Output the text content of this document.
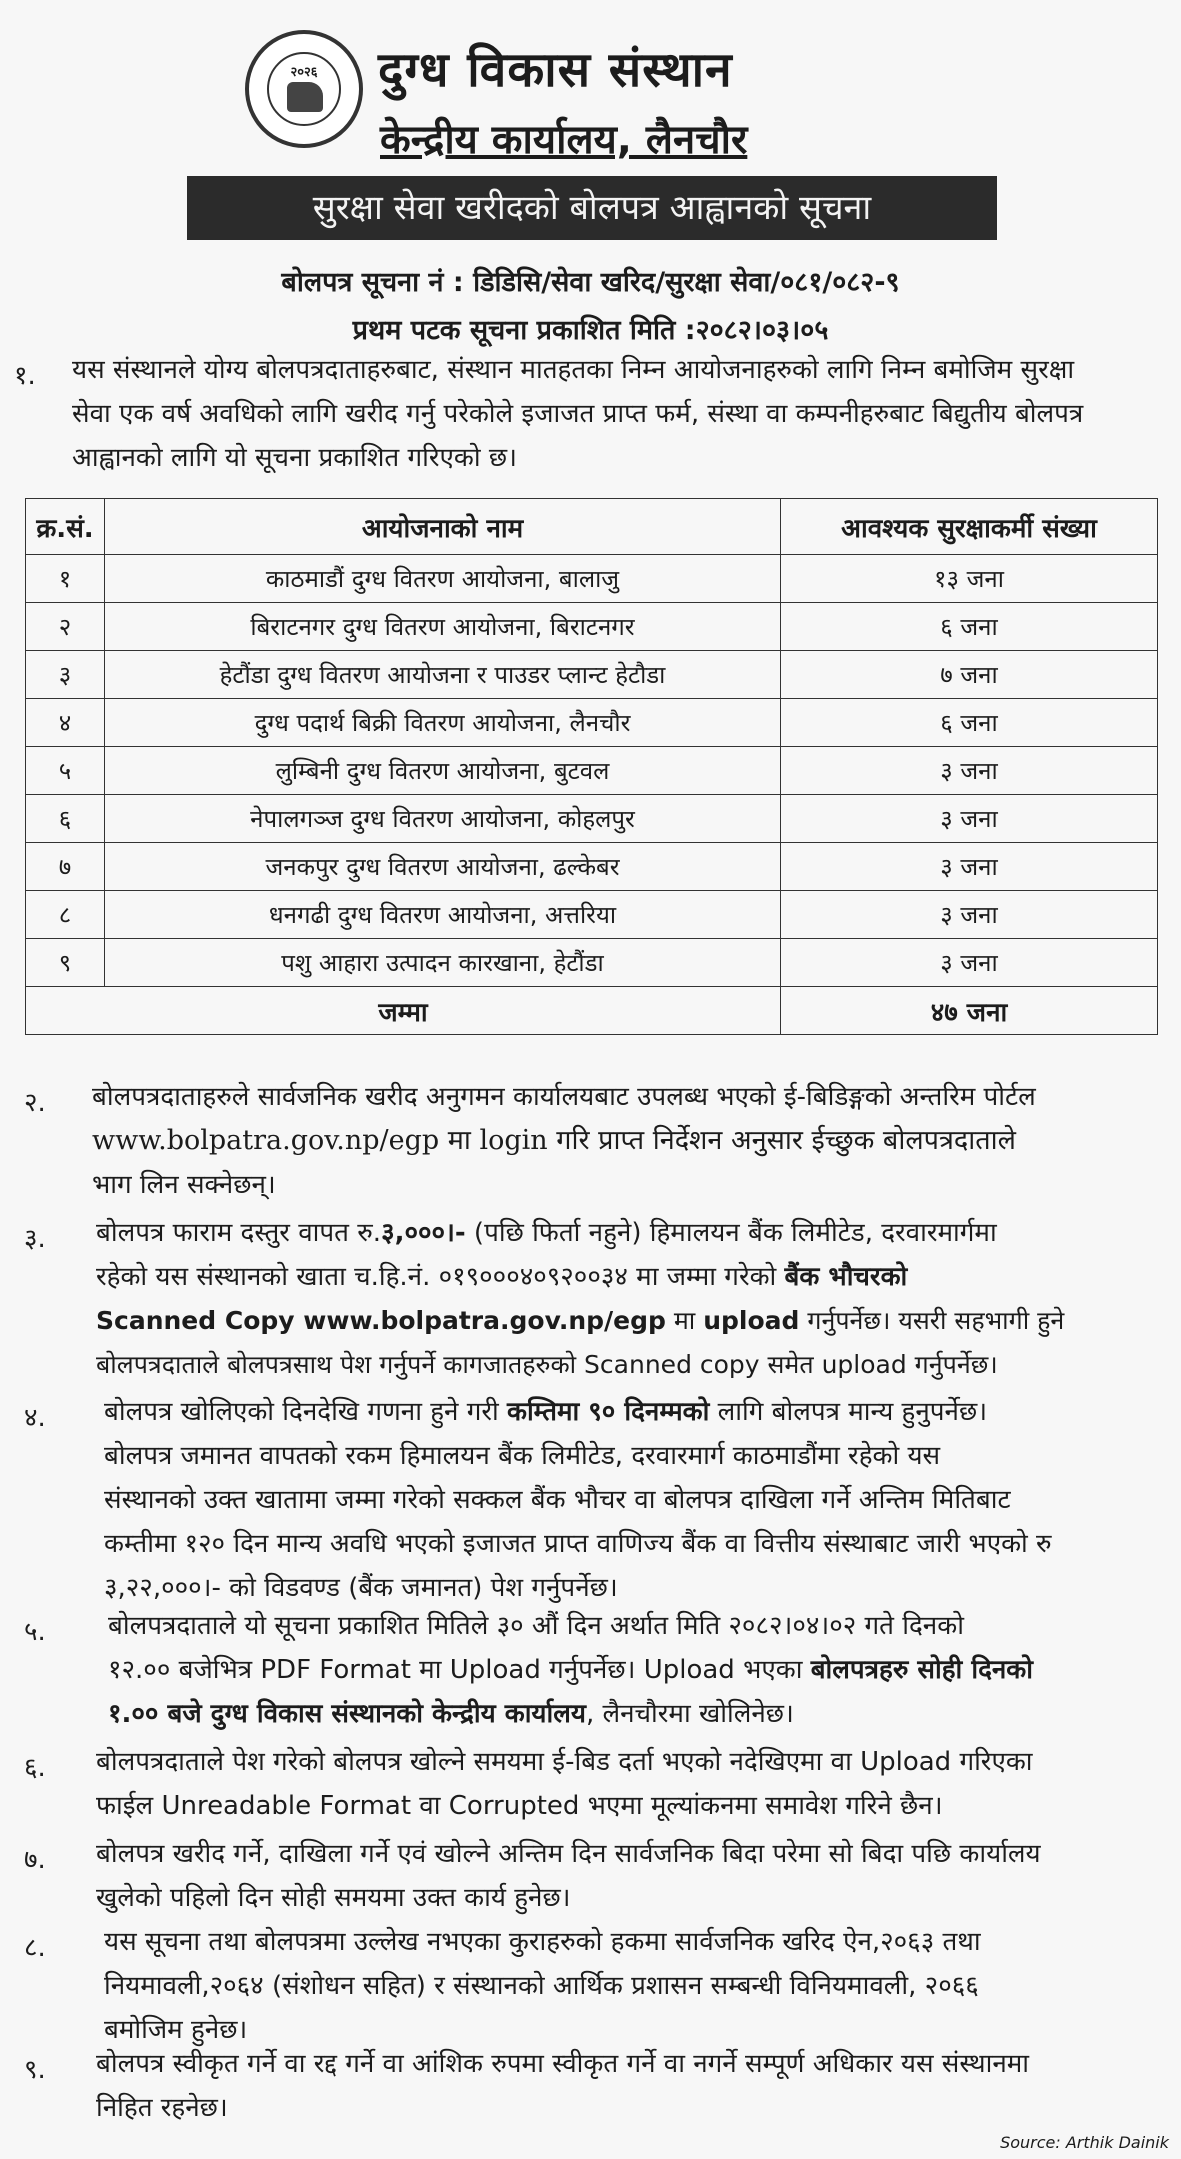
२०२६	दुग्ध विकास संस्थान
केन्द्रीय कार्यालय, लैनचौर
सुरक्षा सेवा खरीदको बोलपत्र आह्वानको सूचना
बोलपत्र सूचना नं : डिडिसि/सेवा खरिद/सुरक्षा सेवा/०८१/०८२-९
प्रथम पटक सूचना प्रकाशित मिति :२०८२।०३।०५
१. यस संस्थानले योग्य बोलपत्रदाताहरुबाट, संस्थान मातहतका निम्न आयोजनाहरुको लागि निम्न बमोजिम सुरक्षा
सेवा एक वर्ष अवधिको लागि खरीद गर्नु परेकोले इजाजत प्राप्त फर्म, संस्था वा कम्पनीहरुबाट बिद्युतीय बोलपत्र
आह्वानको लागि यो सूचना प्रकाशित गरिएको छ।
क्र.सं.	आयोजनाको नाम	आवश्यक सुरक्षाकर्मी संख्या
१	काठमाडौं दुग्ध वितरण आयोजना, बालाजु	१३ जना
२	बिराटनगर दुग्ध वितरण आयोजना, बिराटनगर	६ जना
३	हेटौंडा दुग्ध वितरण आयोजना र पाउडर प्लान्ट हेटौडा	७ जना
४	दुग्ध पदार्थ बिक्री वितरण आयोजना, लैनचौर	६ जना
५	लुम्बिनी दुग्ध वितरण आयोजना, बुटवल	३ जना
६	नेपालगञ्ज दुग्ध वितरण आयोजना, कोहलपुर	३ जना
७	जनकपुर दुग्ध वितरण आयोजना, ढल्केबर	३ जना
८	धनगढी दुग्ध वितरण आयोजना, अत्तरिया	३ जना
९	पशु आहारा उत्पादन कारखाना, हेटौंडा	३ जना
जम्मा		४७ जना
२. बोलपत्रदाताहरुले सार्वजनिक खरीद अनुगमन कार्यालयबाट उपलब्ध भएको ई-बिडिङ्गको अन्तरिम पोर्टल
www.bolpatra.gov.np/egp मा login गरि प्राप्त निर्देशन अनुसार ईच्छुक बोलपत्रदाताले
भाग लिन सक्नेछन्।
३. बोलपत्र फाराम दस्तुर वापत रु.३,०००।- (पछि फिर्ता नहुने) हिमालयन बैंक लिमीटेड, दरवारमार्गमा
रहेको यस संस्थानको खाता च.हि.नं. ०१९०००४०९२००३४ मा जम्मा गरेको बैंक भौचरको
Scanned Copy www.bolpatra.gov.np/egp मा upload गर्नुपर्नेछ। यसरी सहभागी हुने
बोलपत्रदाताले बोलपत्रसाथ पेश गर्नुपर्ने कागजातहरुको Scanned copy समेत upload गर्नुपर्नेछ।
४. बोलपत्र खोलिएको दिनदेखि गणना हुने गरी कम्तिमा ९० दिनम्मको लागि बोलपत्र मान्य हुनुपर्नेछ।
बोलपत्र जमानत वापतको रकम हिमालयन बैंक लिमीटेड, दरवारमार्ग काठमाडौंमा रहेको यस
संस्थानको उक्त खातामा जम्मा गरेको सक्कल बैंक भौचर वा बोलपत्र दाखिला गर्ने अन्तिम मितिबाट
कम्तीमा १२० दिन मान्य अवधि भएको इजाजत प्राप्त वाणिज्य बैंक वा वित्तीय संस्थाबाट जारी भएको रु
३,२२,०००।- को विडवण्ड (बैंक जमानत) पेश गर्नुपर्नेछ।
५. बोलपत्रदाताले यो सूचना प्रकाशित मितिले ३० औं दिन अर्थात मिति २०८२।०४।०२ गते दिनको
१२.०० बजेभित्र PDF Format मा Upload गर्नुपर्नेछ। Upload भएका बोलपत्रहरु सोही दिनको
१.०० बजे दुग्ध विकास संस्थानको केन्द्रीय कार्यालय, लैनचौरमा खोलिनेछ।
६. बोलपत्रदाताले पेश गरेको बोलपत्र खोल्ने समयमा ई-बिड दर्ता भएको नदेखिएमा वा Upload गरिएका
फाईल Unreadable Format वा Corrupted भएमा मूल्यांकनमा समावेश गरिने छैन।
७. बोलपत्र खरीद गर्ने, दाखिला गर्ने एवं खोल्ने अन्तिम दिन सार्वजनिक बिदा परेमा सो बिदा पछि कार्यालय
खुलेको पहिलो दिन सोही समयमा उक्त कार्य हुनेछ।
८. यस सूचना तथा बोलपत्रमा उल्लेख नभएका कुराहरुको हकमा सार्वजनिक खरिद ऐन,२०६३ तथा
नियमावली,२०६४ (संशोधन सहित) र संस्थानको आर्थिक प्रशासन सम्बन्धी विनियमावली, २०६६
बमोजिम हुनेछ।
९. बोलपत्र स्वीकृत गर्ने वा रद्द गर्ने वा आंशिक रुपमा स्वीकृत गर्ने वा नगर्ने सम्पूर्ण अधिकार यस संस्थानमा
निहित रहनेछ।
Source: Arthik Dainik
